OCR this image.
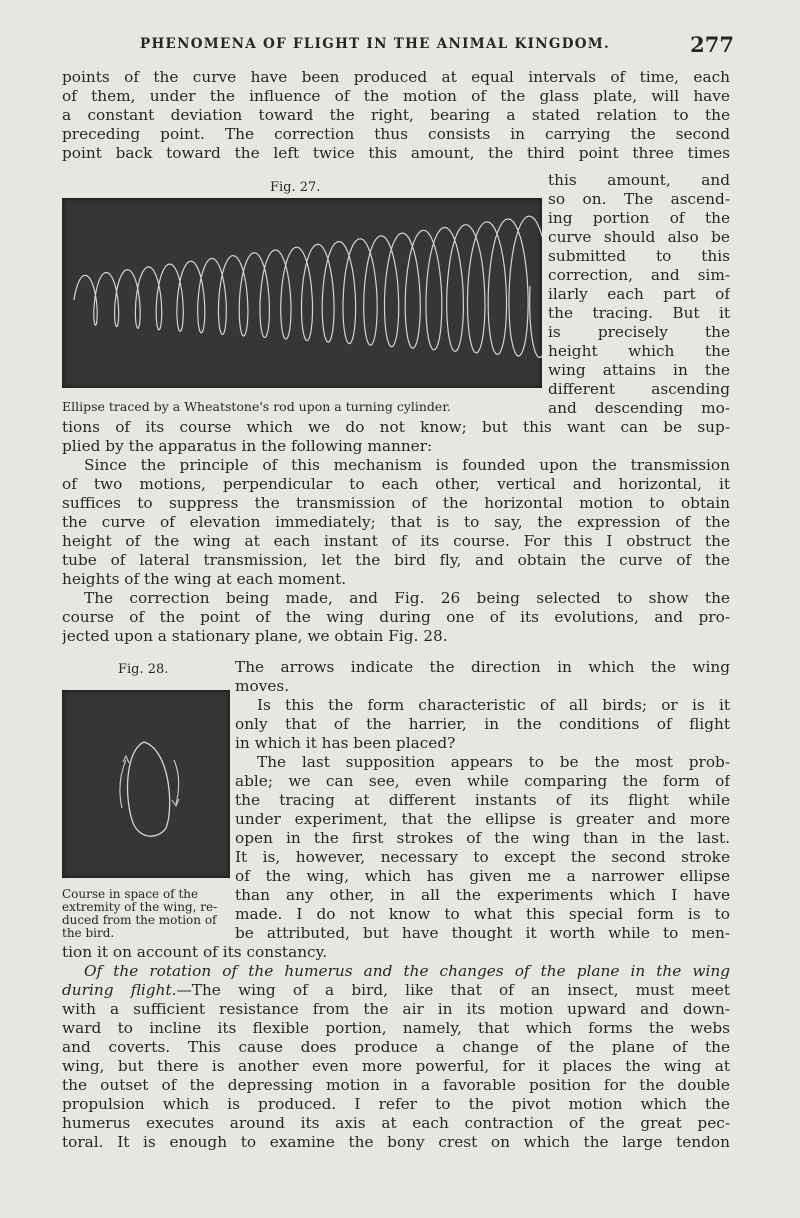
PHENOMENA OF FLIGHT IN THE ANIMAL KINGDOM.	277
points of the curve have been produced at equal intervals of time, each
of them, under the influence of the motion of the glass plate, will have
a constant deviation toward the right, bearing a stated relation to the
preceding point. The correction thus consists in carrying the second
point back toward the left twice this amount, the third point three times
Fig. 27.
Ellipse traced by a Wheatstone's rod upon a turning cylinder.
this amount, and
so on. The ascend-
ing portion of the
curve should also be
submitted to this
correction, and sim-
ilarly each part of
the tracing. But it
is precisely the
height which the
wing attains in the
different ascending
and descending mo-
tions of its course which we do not know; but this want can be sup-
plied by the apparatus in the following manner:
Since the principle of this mechanism is founded upon the transmission
of two motions, perpendicular to each other, vertical and horizontal, it
suffices to suppress the transmission of the horizontal motion to obtain
the curve of elevation immediately; that is to say, the expression of the
height of the wing at each instant of its course. For this I obstruct the
tube of lateral transmission, let the bird fly, and obtain the curve of the
heights of the wing at each moment.
The correction being made, and Fig. 26 being selected to show the
course of the point of the wing during one of its evolutions, and pro-
jected upon a stationary plane, we obtain Fig. 28.
Fig. 28.
Course in space of the
extremity of the wing, re-
duced from the motion of
the bird.
The arrows indicate the direction in which the wing
moves.
Is this the form characteristic of all birds; or is it
only that of the harrier, in the conditions of flight
in which it has been placed?
The last supposition appears to be the most prob-
able; we can see, even while comparing the form of
the tracing at different instants of its flight while
under experiment, that the ellipse is greater and more
open in the first strokes of the wing than in the last.
It is, however, necessary to except the second stroke
of the wing, which has given me a narrower ellipse
than any other, in all the experiments which I have
made. I do not know to what this special form is to
be attributed, but have thought it worth while to men-
tion it on account of its constancy.
Of the rotation of the humerus and the changes of the plane in the wing
during flight.—The wing of a bird, like that of an insect, must meet
with a sufficient resistance from the air in its motion upward and down-
ward to incline its flexible portion, namely, that which forms the webs
and coverts. This cause does produce a change of the plane of the
wing, but there is another even more powerful, for it places the wing at
the outset of the depressing motion in a favorable position for the double
propulsion which is produced. I refer to the pivot motion which the
humerus executes around its axis at each contraction of the great pec-
toral. It is enough to examine the bony crest on which the large tendon
